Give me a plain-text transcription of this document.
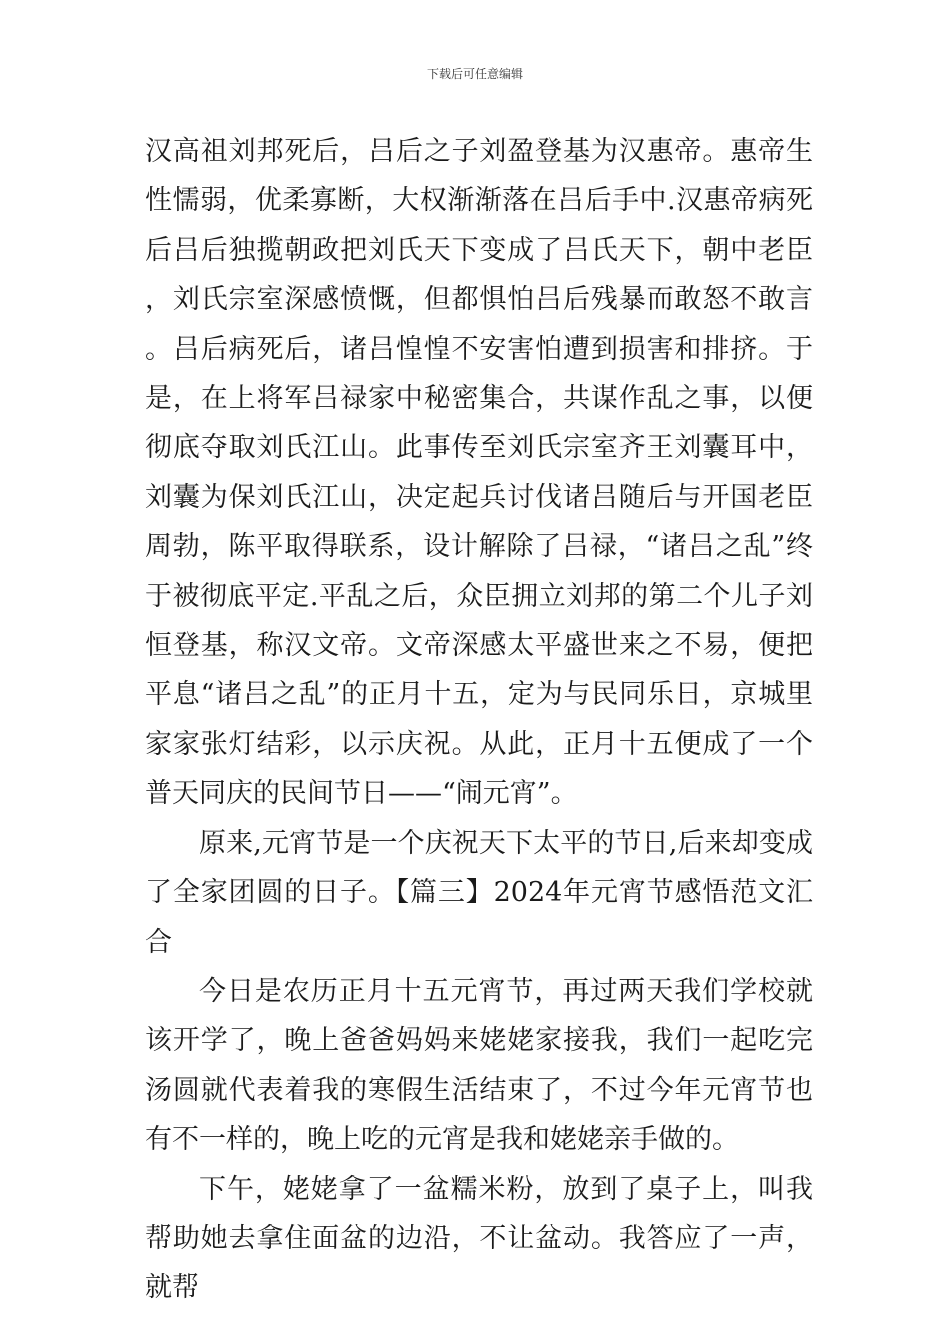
下载后可任意编辑

汉高祖刘邦死后，吕后之子刘盈登基为汉惠帝。惠帝生性懦弱，优柔寡断，大权渐渐落在吕后手中.汉惠帝病死后吕后独揽朝政把刘氏天下变成了吕氏天下，朝中老臣，刘氏宗室深感愤慨，但都惧怕吕后残暴而敢怒不敢言。吕后病死后，诸吕惶惶不安害怕遭到损害和排挤。于是，在上将军吕禄家中秘密集合，共谋作乱之事，以便彻底夺取刘氏江山。此事传至刘氏宗室齐王刘囊耳中，刘囊为保刘氏江山，决定起兵讨伐诸吕随后与开国老臣周勃，陈平取得联系，设计解除了吕禄，“诸吕之乱”终于被彻底平定.平乱之后，众臣拥立刘邦的第二个儿子刘恒登基，称汉文帝。文帝深感太平盛世来之不易，便把平息“诸吕之乱”的正月十五，定为与民同乐日，京城里家家张灯结彩，以示庆祝。从此，正月十五便成了一个普天同庆的民间节日——“闹元宵”。

原来,元宵节是一个庆祝天下太平的节日,后来却变成了全家团圆的日子。【篇三】2024年元宵节感悟范文汇合

今日是农历正月十五元宵节，再过两天我们学校就该开学了，晚上爸爸妈妈来姥姥家接我，我们一起吃完汤圆就代表着我的寒假生活结束了，不过今年元宵节也有不一样的，晚上吃的元宵是我和姥姥亲手做的。

下午，姥姥拿了一盆糯米粉，放到了桌子上，叫我帮助她去拿住面盆的边沿，不让盆动。我答应了一声，就帮
